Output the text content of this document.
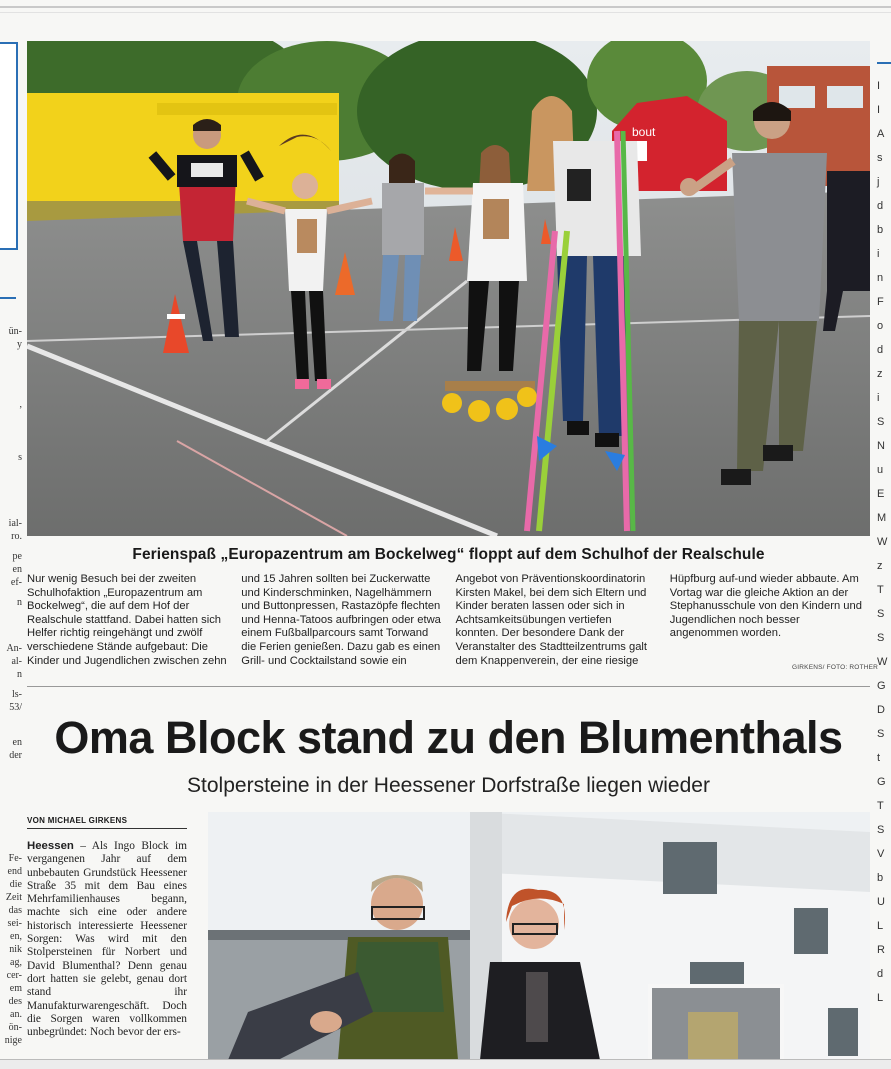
ün-
y
,
s
ial-
ro.
pe
en
ef-
n
An-
al-
n
ls-
53/
en
der
Fe-
end
die
Zeit
das
sei-
en,
nik
ag,
cer-
em
des
an.
ön-
nige
I
I
A
s
j
d
b
i
n
F
o
d
z
i
S
N
u
E
M
W
z
T
S
S
W
G
D
S
t
G
T
S
V
b
U
L
R
d
L
bout
Ferienspaß „Europazentrum am Bockelweg“ floppt auf dem Schulhof der Realschule

Nur wenig Besuch bei der zweiten Schulhofaktion „Europazentrum am Bockelweg“, die auf dem Hof der Realschule stattfand. Dabei hatten sich Helfer richtig reingehängt und zwölf verschiedene Stände aufgebaut: Die Kinder und Jugendlichen zwischen zehn und 15 Jahren sollten bei Zuckerwatte und Kinderschminken, Nagelhämmern und Buttonpressen, Rastazöpfe flechten und Henna-Tatoos aufbringen oder etwa einem Fußballparcours samt Torwand die Ferien genießen. Dazu gab es einen Grill- und Cocktailstand sowie ein Angebot von Präventionskoordinatorin Kirsten Makel, bei dem sich Eltern und Kinder beraten lassen oder sich in Achtsamkeitsübungen vertiefen konnten. Der besondere Dank der Veranstalter des Stadtteilzentrums galt dem Knappenverein, der eine riesige Hüpfburg auf-und wieder abbaute. Am Vortag war die gleiche Aktion an der Stephanusschule von den Kindern und Jugendlichen noch besser angenommen worden.

GIRKENS/ FOTO: ROTHER
Oma Block stand zu den Blumenthals
Stolpersteine in der Heessener Dorfstraße liegen wieder
VON MICHAEL GIRKENS
Heessen – Als Ingo Block im vergangenen Jahr auf dem unbebauten Grundstück Heessener Straße 35 mit dem Bau eines Mehrfamilienhauses begann, machte sich eine oder andere historisch interessierte Heessener Sorgen: Was wird mit den Stolpersteinen für Norbert und David Blumenthal? Denn genau dort hatten sie gelebt, genau dort stand ihr Manufakturwarengeschäft. Doch die Sorgen waren vollkommen unbegründet: Noch bevor der ers-
